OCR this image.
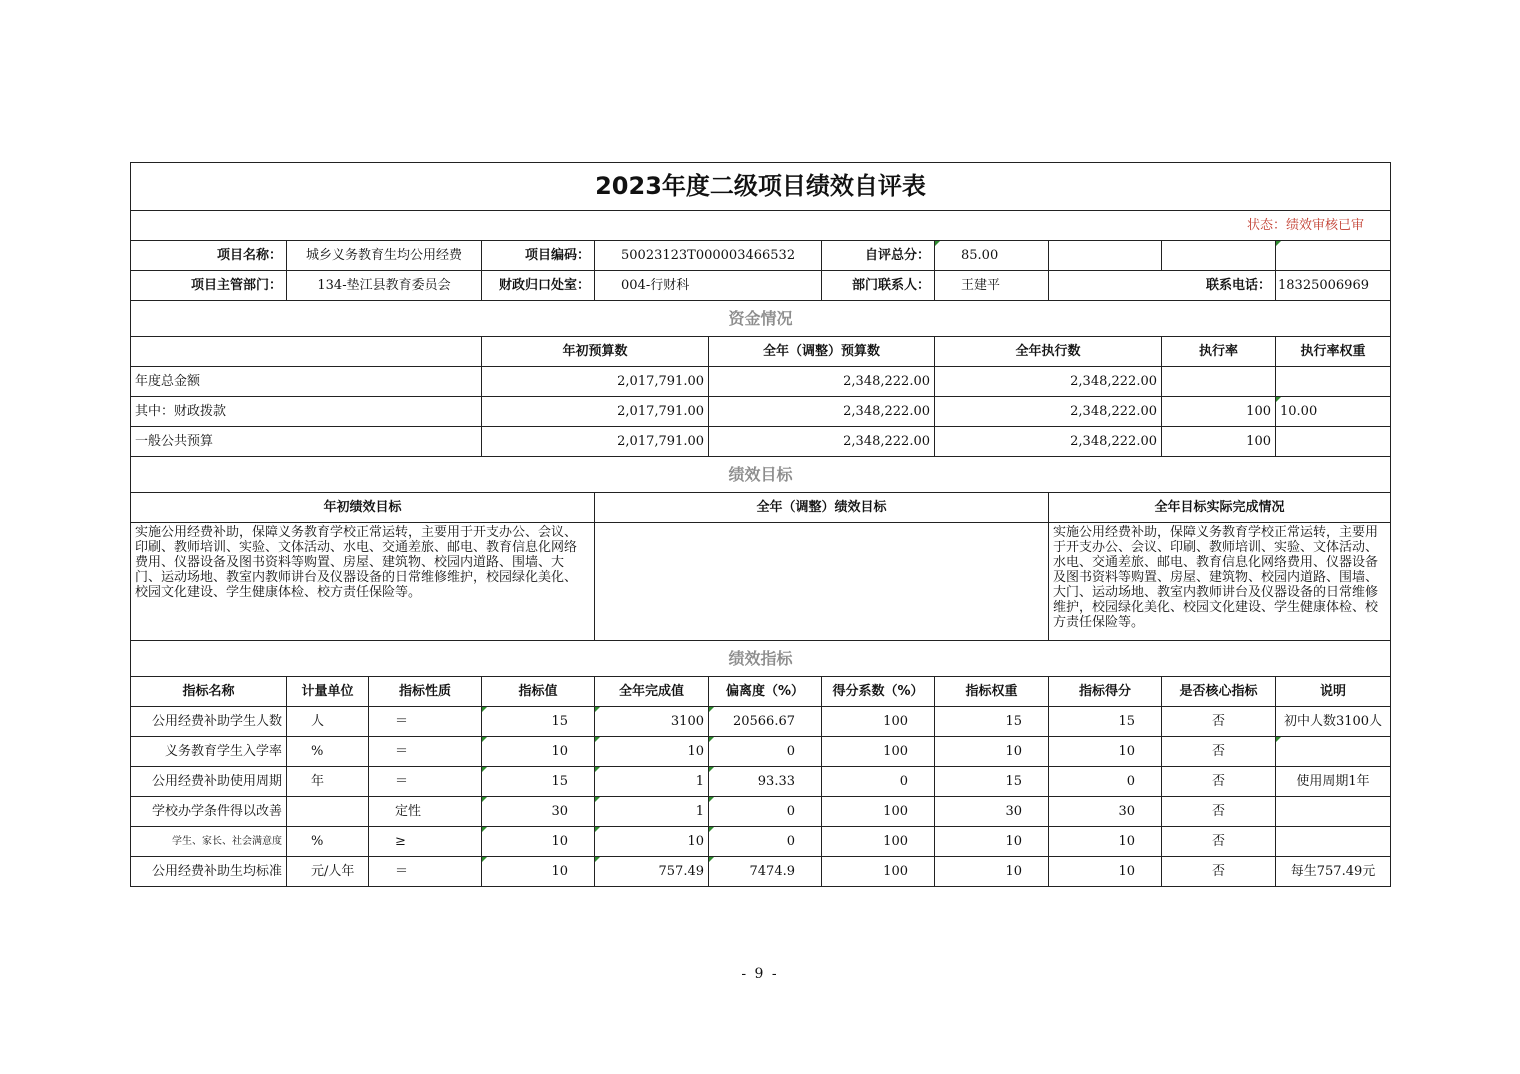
2023年度二级项目绩效自评表											
状态：绩效审核已审											
项目名称：	城乡义务教育生均公用经费		项目编码：	50023123T000003466532		自评总分：	85.00				
项目主管部门：	134-垫江县教育委员会		财政归口处室：	004-行财科		部门联系人：	王建平	联系电话：		18325006969	
资金情况											
			年初预算数		全年（调整）预算数		全年执行数		执行率	执行率权重	
年度总金额			2,017,791.00		2,348,222.00		2,348,222.00				
其中：财政拨款			2,017,791.00		2,348,222.00		2,348,222.00		100	10.00	
一般公共预算			2,017,791.00		2,348,222.00		2,348,222.00		100		
绩效目标											
年初绩效目标				全年（调整）绩效目标				全年目标实际完成情况			
实施公用经费补助，保障义务教育学校正常运转，主要用于开支办公、会议、印刷、教师培训、实验、文体活动、水电、交通差旅、邮电、教育信息化网络费用、仪器设备及图书资料等购置、房屋、建筑物、校园内道路、围墙、大门、运动场地、教室内教师讲台及仪器设备的日常维修维护，校园绿化美化、校园文化建设、学生健康体检、校方责任保险等。								实施公用经费补助，保障义务教育学校正常运转，主要用于开支办公、会议、印刷、教师培训、实验、文体活动、水电、交通差旅、邮电、教育信息化网络费用、仪器设备及图书资料等购置、房屋、建筑物、校园内道路、围墙、大门、运动场地、教室内教师讲台及仪器设备的日常维修维护，校园绿化美化、校园文化建设、学生健康体检、校方责任保险等。			
绩效指标											
指标名称	计量单位	指标性质	指标值	全年完成值	偏离度（%）	得分系数（%）	指标权重	指标得分	是否核心指标	说明	
公用经费补助学生人数	人	＝	15	3100	20566.67	100	15	15	否	初中人数3100人	
义务教育学生入学率	%	＝	10	10	0	100	10	10	否		
公用经费补助使用周期	年	＝	15	1	93.33	0	15	0	否	使用周期1年	
学校办学条件得以改善		定性	30	1	0	100	30	30	否		
学生、家长、社会满意度	%	≥	10	10	0	100	10	10	否		
公用经费补助生均标准	元/人年	＝	10	757.49	7474.9	100	10	10	否	每生757.49元	
- 9 -
